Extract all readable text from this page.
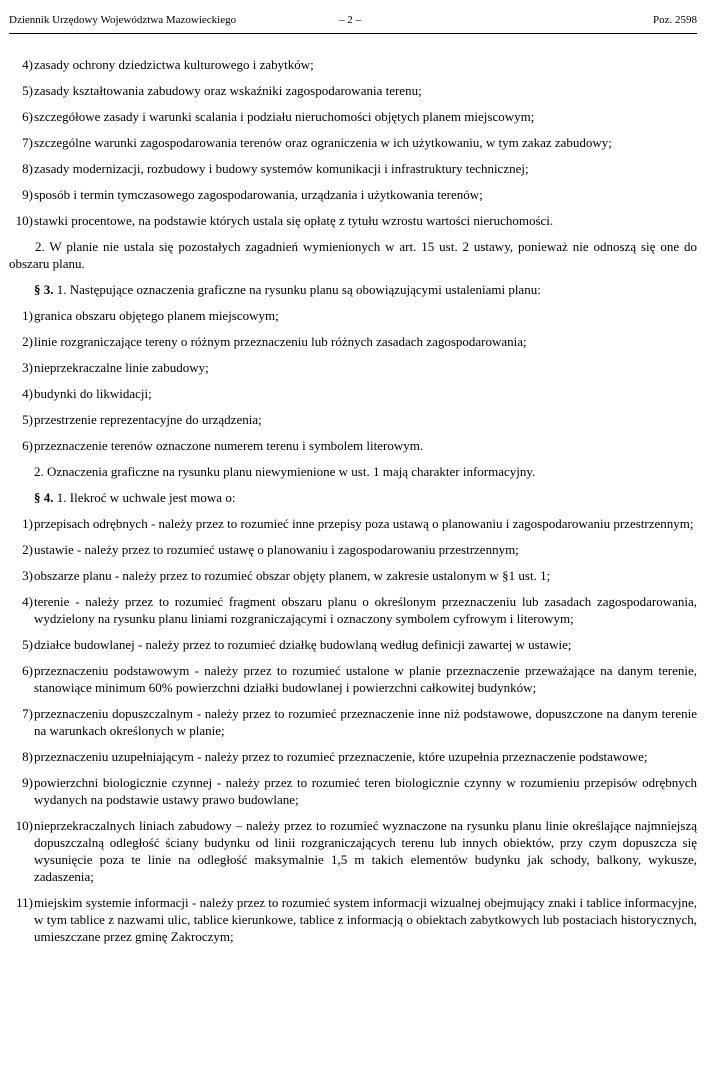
Dziennik Urzędowy Województwa Mazowieckiego	– 2 –	Poz. 2598
4) zasady ochrony dziedzictwa kulturowego i zabytków;
5) zasady kształtowania zabudowy oraz wskaźniki zagospodarowania terenu;
6) szczegółowe zasady i warunki scalania i podziału nieruchomości objętych planem miejscowym;
7) szczególne warunki zagospodarowania terenów oraz ograniczenia w ich użytkowaniu, w tym zakaz zabudowy;
8) zasady modernizacji, rozbudowy i budowy systemów komunikacji i infrastruktury technicznej;
9) sposób i termin tymczasowego zagospodarowania, urządzania i użytkowania terenów;
10) stawki procentowe, na podstawie których ustala się opłatę z tytułu wzrostu wartości nieruchomości.

2. W planie nie ustala się pozostałych zagadnień wymienionych w art. 15 ust. 2 ustawy, ponieważ nie odnoszą się one do obszaru planu.

§ 3. 1. Następujące oznaczenia graficzne na rysunku planu są obowiązującymi ustaleniami planu:

1) granica obszaru objętego planem miejscowym;
2) linie rozgraniczające tereny o różnym przeznaczeniu lub różnych zasadach zagospodarowania;
3) nieprzekraczalne linie zabudowy;
4) budynki do likwidacji;
5) przestrzenie reprezentacyjne do urządzenia;
6) przeznaczenie terenów oznaczone numerem terenu i symbolem literowym.

2. Oznaczenia graficzne na rysunku planu niewymienione w ust. 1 mają charakter informacyjny.

§ 4. 1. Ilekroć w uchwale jest mowa o:

1) przepisach odrębnych - należy przez to rozumieć inne przepisy poza ustawą o planowaniu i zagospodarowaniu przestrzennym;
2) ustawie - należy przez to rozumieć ustawę o planowaniu i zagospodarowaniu przestrzennym;
3) obszarze planu - należy przez to rozumieć obszar objęty planem, w zakresie ustalonym w §1 ust. 1;
4) terenie - należy przez to rozumieć fragment obszaru planu o określonym przeznaczeniu lub zasadach zagospodarowania, wydzielony na rysunku planu liniami rozgraniczającymi i oznaczony symbolem cyfrowym i literowym;
5) działce budowlanej - należy przez to rozumieć działkę budowlaną według definicji zawartej w ustawie;
6) przeznaczeniu podstawowym - należy przez to rozumieć ustalone w planie przeznaczenie przeważające na danym terenie, stanowiące minimum 60% powierzchni działki budowlanej i powierzchni całkowitej budynków;
7) przeznaczeniu dopuszczalnym - należy przez to rozumieć przeznaczenie inne niż podstawowe, dopuszczone na danym terenie na warunkach określonych w planie;
8) przeznaczeniu uzupełniającym - należy przez to rozumieć przeznaczenie, które uzupełnia przeznaczenie podstawowe;
9) powierzchni biologicznie czynnej - należy przez to rozumieć teren biologicznie czynny w rozumieniu przepisów odrębnych wydanych na podstawie ustawy prawo budowlane;
10) nieprzekraczalnych liniach zabudowy – należy przez to rozumieć wyznaczone na rysunku planu linie określające najmniejszą dopuszczalną odległość ściany budynku od linii rozgraniczających terenu lub innych obiektów, przy czym dopuszcza się wysunięcie poza te linie na odległość maksymalnie 1,5 m takich elementów budynku jak schody, balkony, wykusze, zadaszenia;
11) miejskim systemie informacji - należy przez to rozumieć system informacji wizualnej obejmujący znaki i tablice informacyjne, w tym tablice z nazwami ulic, tablice kierunkowe, tablice z informacją o obiektach zabytkowych lub postaciach historycznych, umieszczane przez gminę Zakroczym;
